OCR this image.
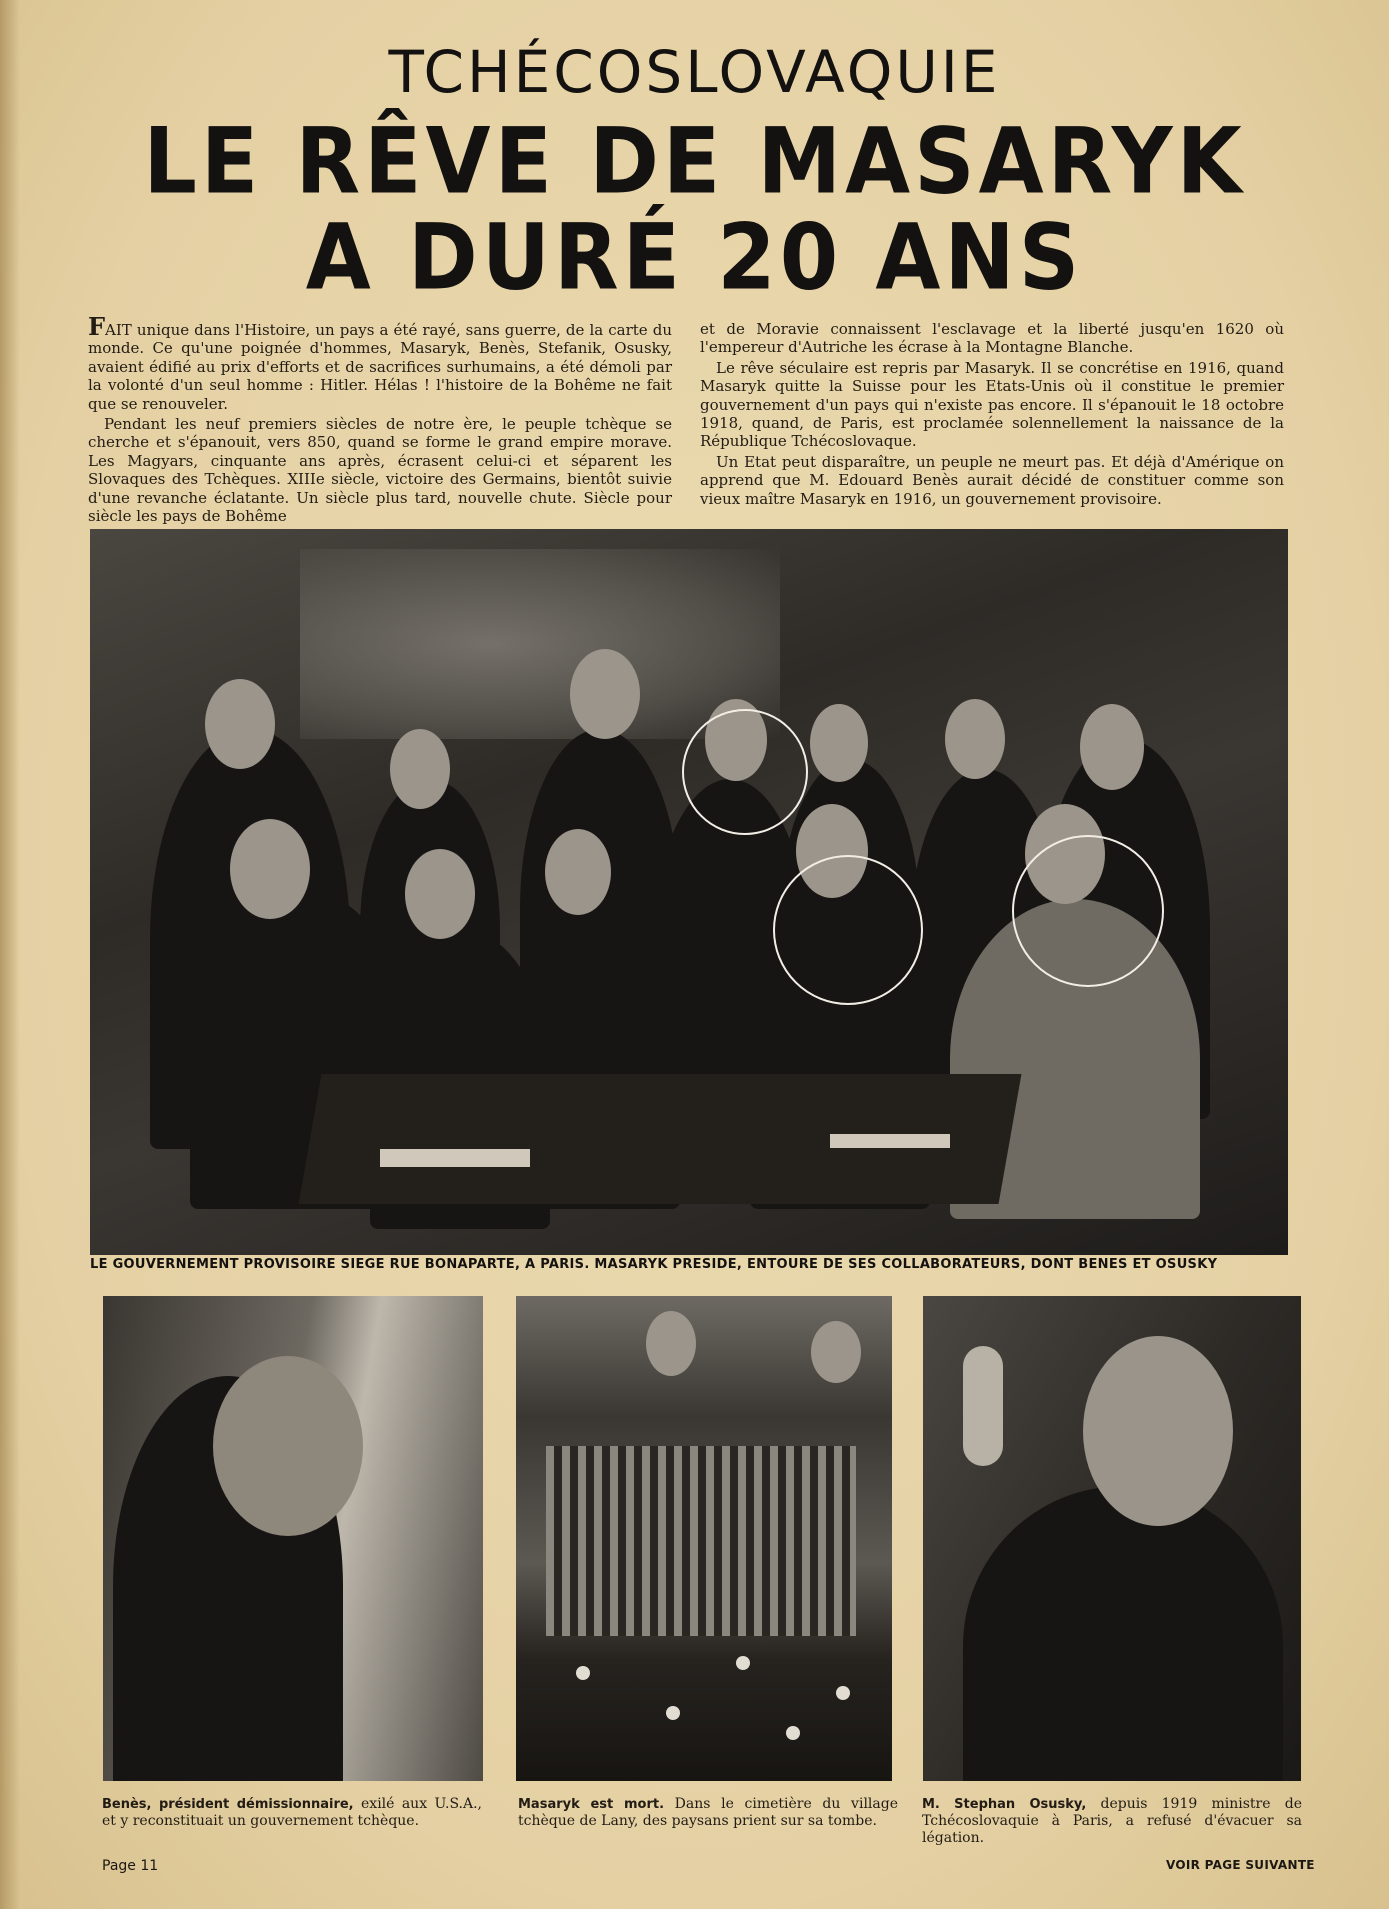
TCHÉCOSLOVAQUIE
LE RÊVE DE MASARYK
A DURÉ 20 ANS

FAIT unique dans l'Histoire, un pays a été rayé, sans guerre, de la carte du monde. Ce qu'une poignée d'hommes, Masaryk, Benès, Stefanik, Osusky, avaient édifié au prix d'efforts et de sacrifices surhumains, a été démoli par la volonté d'un seul homme : Hitler. Hélas ! l'histoire de la Bohême ne fait que se renouveler.

Pendant les neuf premiers siècles de notre ère, le peuple tchèque se cherche et s'épanouit, vers 850, quand se forme le grand empire morave. Les Magyars, cinquante ans après, écrasent celui-ci et séparent les Slovaques des Tchèques. XIIIe siècle, victoire des Germains, bientôt suivie d'une revanche éclatante. Un siècle plus tard, nouvelle chute. Siècle pour siècle les pays de Bohême

et de Moravie connaissent l'esclavage et la liberté jusqu'en 1620 où l'empereur d'Autriche les écrase à la Montagne Blanche.

Le rêve séculaire est repris par Masaryk. Il se concrétise en 1916, quand Masaryk quitte la Suisse pour les Etats-Unis où il constitue le premier gouvernement d'un pays qui n'existe pas encore. Il s'épanouit le 18 octobre 1918, quand, de Paris, est proclamée solennellement la naissance de la République Tchécoslovaque.

Un Etat peut disparaître, un peuple ne meurt pas. Et déjà d'Amérique on apprend que M. Edouard Benès aurait décidé de constituer comme son vieux maître Masaryk en 1916, un gouvernement provisoire.

LE GOUVERNEMENT PROVISOIRE SIEGE RUE BONAPARTE, A PARIS. MASARYK PRESIDE, ENTOURE DE SES COLLABORATEURS, DONT BENES ET OSUSKY
Benès, président démissionnaire, exilé aux U.S.A., et y reconstituait un gouvernement tchèque.
Masaryk est mort. Dans le cimetière du village tchèque de Lany, des paysans prient sur sa tombe.
M. Stephan Osusky, depuis 1919 ministre de Tchécoslovaquie à Paris, a refusé d'évacuer sa légation.
Page 11	VOIR PAGE SUIVANTE
